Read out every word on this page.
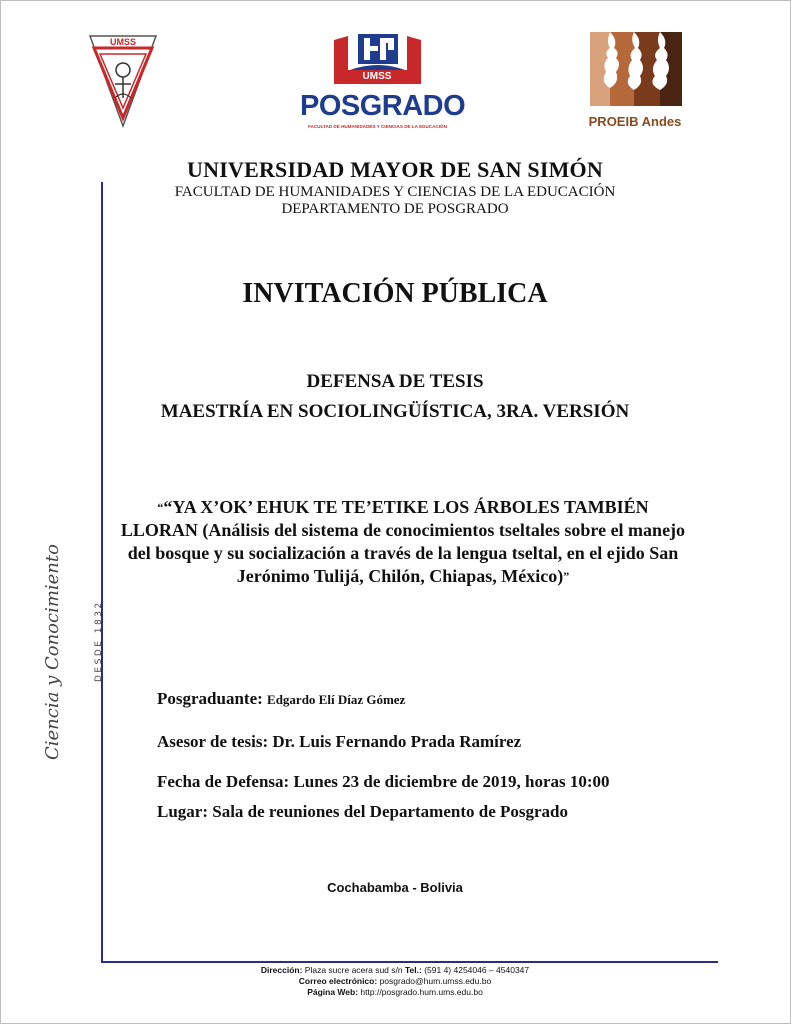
UMSS
UMSS
POSGRADO
FACULTAD DE HUMANIDADES Y CIENCIAS DE LA EDUCACIÓN	PROEIB Andes
Ciencia y Conocimiento	DESDE 1832
UNIVERSIDAD MAYOR DE SAN SIMÓN
FACULTAD DE HUMANIDADES Y CIENCIAS DE LA EDUCACIÓN
DEPARTAMENTO DE POSGRADO
INVITACIÓN PÚBLICA
DEFENSA DE TESIS
MAESTRÍA EN SOCIOLINGÜÍSTICA, 3RA. VERSIÓN
““YA X’OK’ EHUK TE TE’ETIKE LOS ÁRBOLES TAMBIÉN LLORAN (Análisis del sistema de conocimientos tseltales sobre el manejo del bosque y su socialización a través de la lengua tseltal, en el ejido San Jerónimo Tulijá, Chilón, Chiapas, México)”
Posgraduante: Edgardo Elí Díaz Gómez
Asesor de tesis: Dr. Luis Fernando Prada Ramírez
Fecha de Defensa: Lunes 23 de diciembre de 2019, horas 10:00
Lugar: Sala de reuniones del Departamento de Posgrado
Cochabamba - Bolivia
Dirección: Plaza sucre acera sud s/n Tel.: (591 4) 4254046 – 4540347
Correo electrónico: posgrado@hum.umss.edu.bo
Página Web: http://posgrado.hum.ums.edu.bo
